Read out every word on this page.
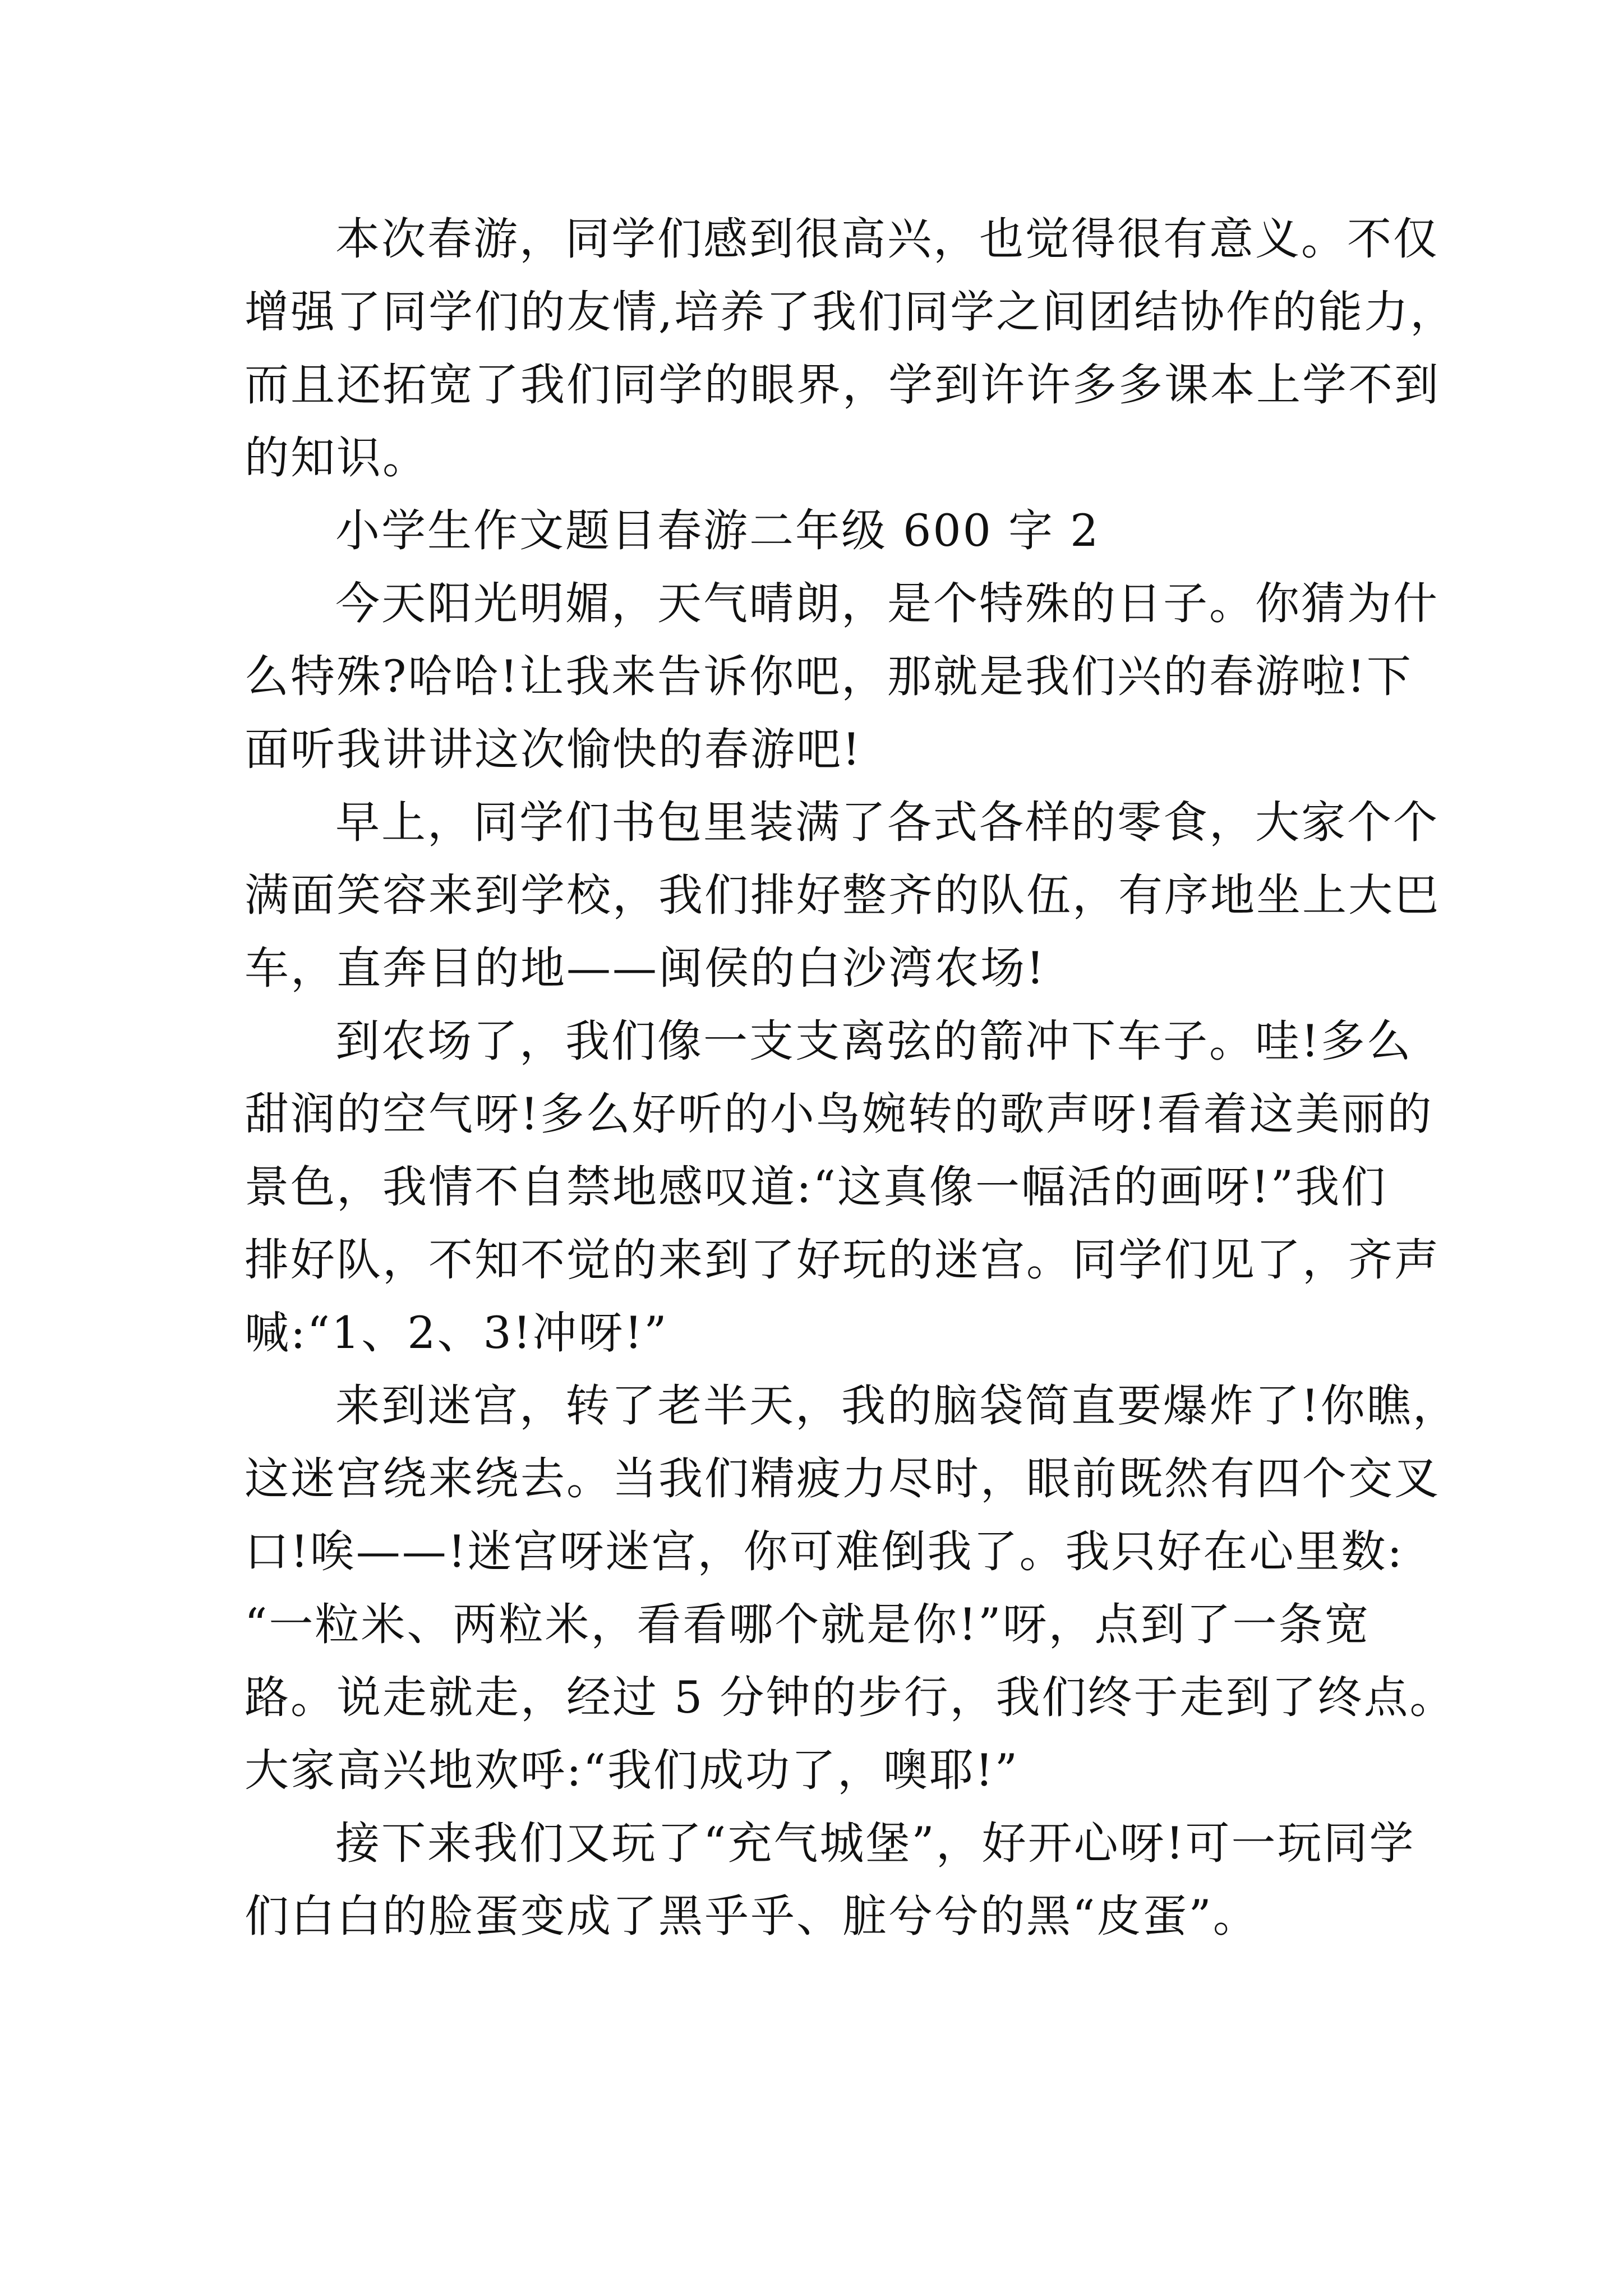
本次春游，同学们感到很高兴，也觉得很有意义。不仅

增强了同学们的友情,培养了我们同学之间团结协作的能力，

而且还拓宽了我们同学的眼界，学到许许多多课本上学不到

的知识。

小学生作文题目春游二年级 600 字 2

今天阳光明媚，天气晴朗，是个特殊的日子。你猜为什

么特殊?哈哈!让我来告诉你吧，那就是我们兴的春游啦!下

面听我讲讲这次愉快的春游吧!

早上，同学们书包里装满了各式各样的零食，大家个个

满面笑容来到学校，我们排好整齐的队伍，有序地坐上大巴

车，直奔目的地——闽侯的白沙湾农场!

到农场了，我们像一支支离弦的箭冲下车子。哇!多么

甜润的空气呀!多么好听的小鸟婉转的歌声呀!看着这美丽的

景色，我情不自禁地感叹道:“这真像一幅活的画呀!”我们

排好队，不知不觉的来到了好玩的迷宫。同学们见了，齐声

喊:“1、2、3!冲呀!”

来到迷宫，转了老半天，我的脑袋简直要爆炸了!你瞧，

这迷宫绕来绕去。当我们精疲力尽时，眼前既然有四个交叉

口!唉——!迷宫呀迷宫，你可难倒我了。我只好在心里数:

“一粒米、两粒米，看看哪个就是你!”呀，点到了一条宽

路。说走就走，经过 5 分钟的步行，我们终于走到了终点。

大家高兴地欢呼:“我们成功了，噢耶!”

接下来我们又玩了“充气城堡”，好开心呀!可一玩同学

们白白的脸蛋变成了黑乎乎、脏兮兮的黑“皮蛋”。
